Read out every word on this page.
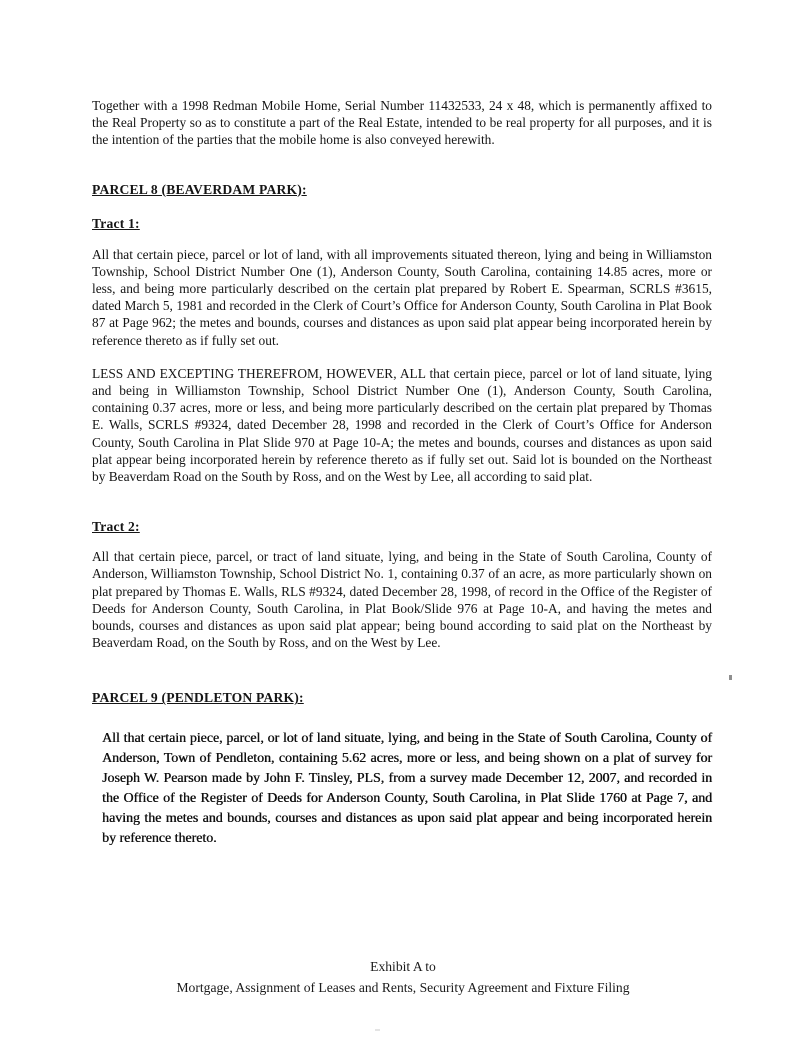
Together with a 1998 Redman Mobile Home, Serial Number 11432533, 24 x 48, which is permanently affixed to the Real Property so as to constitute a part of the Real Estate, intended to be real property for all purposes, and it is the intention of the parties that the mobile home is also conveyed herewith.

PARCEL 8 (BEAVERDAM PARK):

Tract 1:

All that certain piece, parcel or lot of land, with all improvements situated thereon, lying and being in Williamston Township, School District Number One (1), Anderson County, South Carolina, containing 14.85 acres, more or less, and being more particularly described on the certain plat prepared by Robert E. Spearman, SCRLS #3615, dated March 5, 1981 and recorded in the Clerk of Court’s Office for Anderson County, South Carolina in Plat Book 87 at Page 962; the metes and bounds, courses and distances as upon said plat appear being incorporated herein by reference thereto as if fully set out.

LESS AND EXCEPTING THEREFROM, HOWEVER, ALL that certain piece, parcel or lot of land situate, lying and being in Williamston Township, School District Number One (1), Anderson County, South Carolina, containing 0.37 acres, more or less, and being more particularly described on the certain plat prepared by Thomas E. Walls, SCRLS #9324, dated December 28, 1998 and recorded in the Clerk of Court’s Office for Anderson County, South Carolina in Plat Slide 970 at Page 10-A; the metes and bounds, courses and distances as upon said plat appear being incorporated herein by reference thereto as if fully set out. Said lot is bounded on the Northeast by Beaverdam Road on the South by Ross, and on the West by Lee, all according to said plat.

Tract 2:

All that certain piece, parcel, or tract of land situate, lying, and being in the State of South Carolina, County of Anderson, Williamston Township, School District No. 1, containing 0.37 of an acre, as more particularly shown on plat prepared by Thomas E. Walls, RLS #9324, dated December 28, 1998, of record in the Office of the Register of Deeds for Anderson County, South Carolina, in Plat Book/Slide 976 at Page 10-A, and having the metes and bounds, courses and distances as upon said plat appear; being bound according to said plat on the Northeast by Beaverdam Road, on the South by Ross, and on the West by Lee.

PARCEL 9 (PENDLETON PARK):

All that certain piece, parcel, or lot of land situate, lying, and being in the State of South Carolina, County of Anderson, Town of Pendleton, containing 5.62 acres, more or less, and being shown on a plat of survey for Joseph W. Pearson made by John F. Tinsley, PLS, from a survey made December 12, 2007, and recorded in the Office of the Register of Deeds for Anderson County, South Carolina, in Plat Slide 1760 at Page 7, and having the metes and bounds, courses and distances as upon said plat appear and being incorporated herein by reference thereto.

Exhibit A to
Mortgage, Assignment of Leases and Rents, Security Agreement and Fixture Filing
